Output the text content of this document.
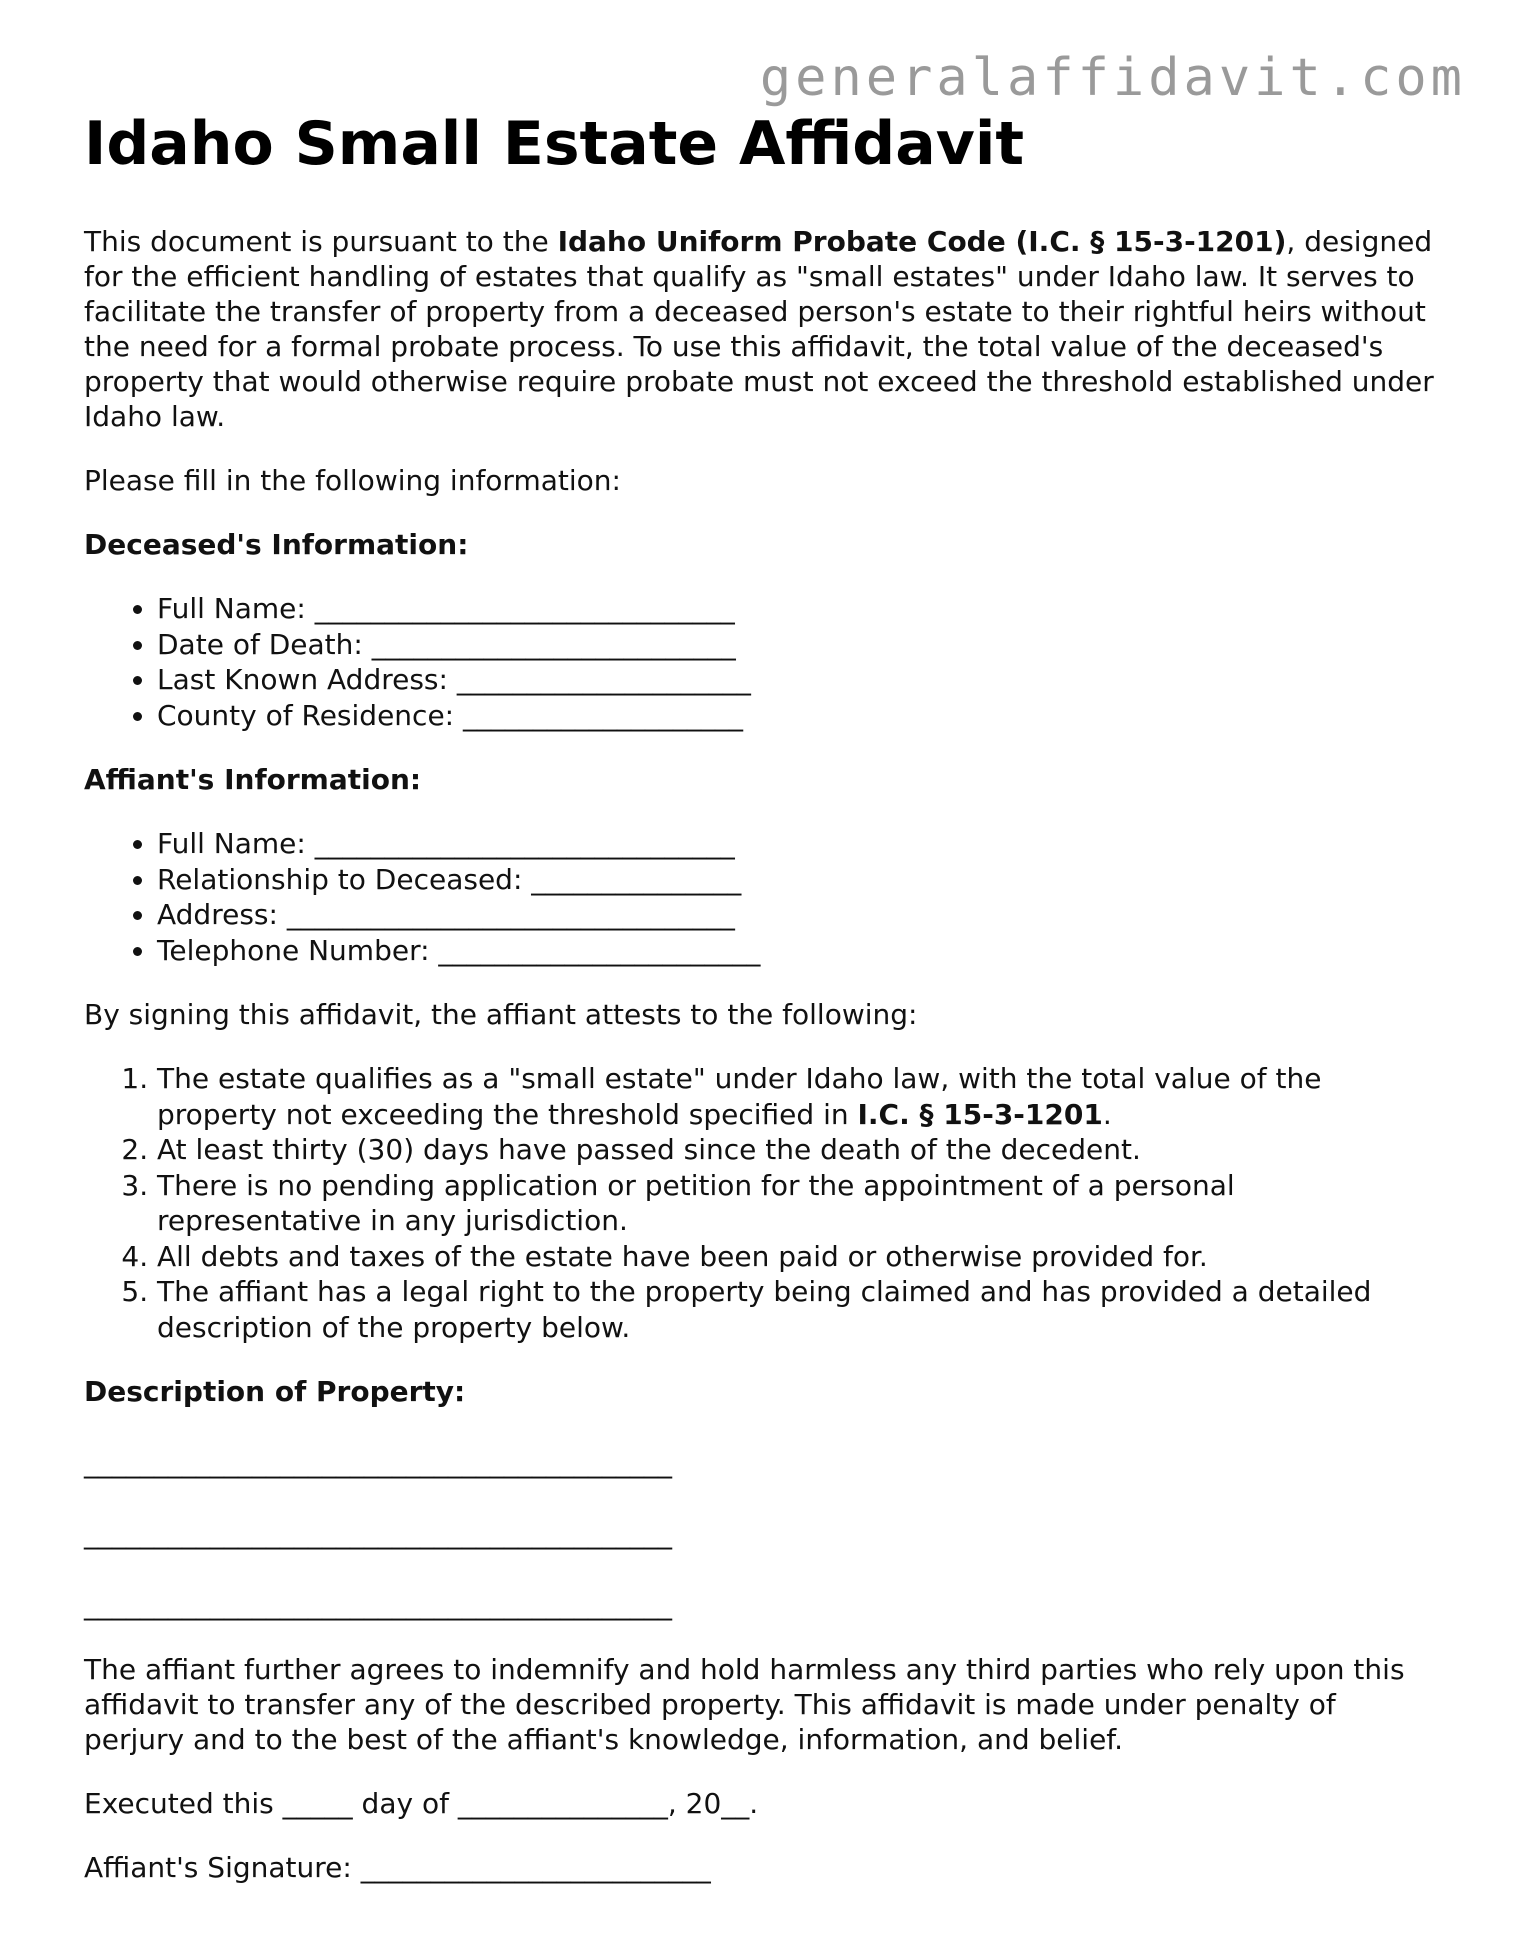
generalaffidavit.com
Idaho Small Estate Affidavit

This document is pursuant to the Idaho Uniform Probate Code (I.C. § 15-3-1201), designed for the efficient handling of estates that qualify as "small estates" under Idaho law. It serves to facilitate the transfer of property from a deceased person's estate to their rightful heirs without the need for a formal probate process. To use this affidavit, the total value of the deceased's property that would otherwise require probate must not exceed the threshold established under Idaho law.

Please fill in the following information:

Deceased's Information:
• Full Name: ______________________________
• Date of Death: __________________________
• Last Known Address: _____________________
• County of Residence: ____________________
Affiant's Information:
• Full Name: ______________________________
• Relationship to Deceased: _______________
• Address: ________________________________
• Telephone Number: _______________________

By signing this affidavit, the affiant attests to the following:

1. The estate qualifies as a "small estate" under Idaho law, with the total value of the property not exceeding the threshold specified in I.C. § 15-3-1201.
2. At least thirty (30) days have passed since the death of the decedent.
3. There is no pending application or petition for the appointment of a personal representative in any jurisdiction.
4. All debts and taxes of the estate have been paid or otherwise provided for.
5. The affiant has a legal right to the property being claimed and has provided a detailed description of the property below.
Description of Property:
__________________________________________
__________________________________________
__________________________________________

The affiant further agrees to indemnify and hold harmless any third parties who rely upon this affidavit to transfer any of the described property. This affidavit is made under penalty of perjury and to the best of the affiant's knowledge, information, and belief.

Executed this _____ day of _______________, 20__.

Affiant's Signature: _________________________
